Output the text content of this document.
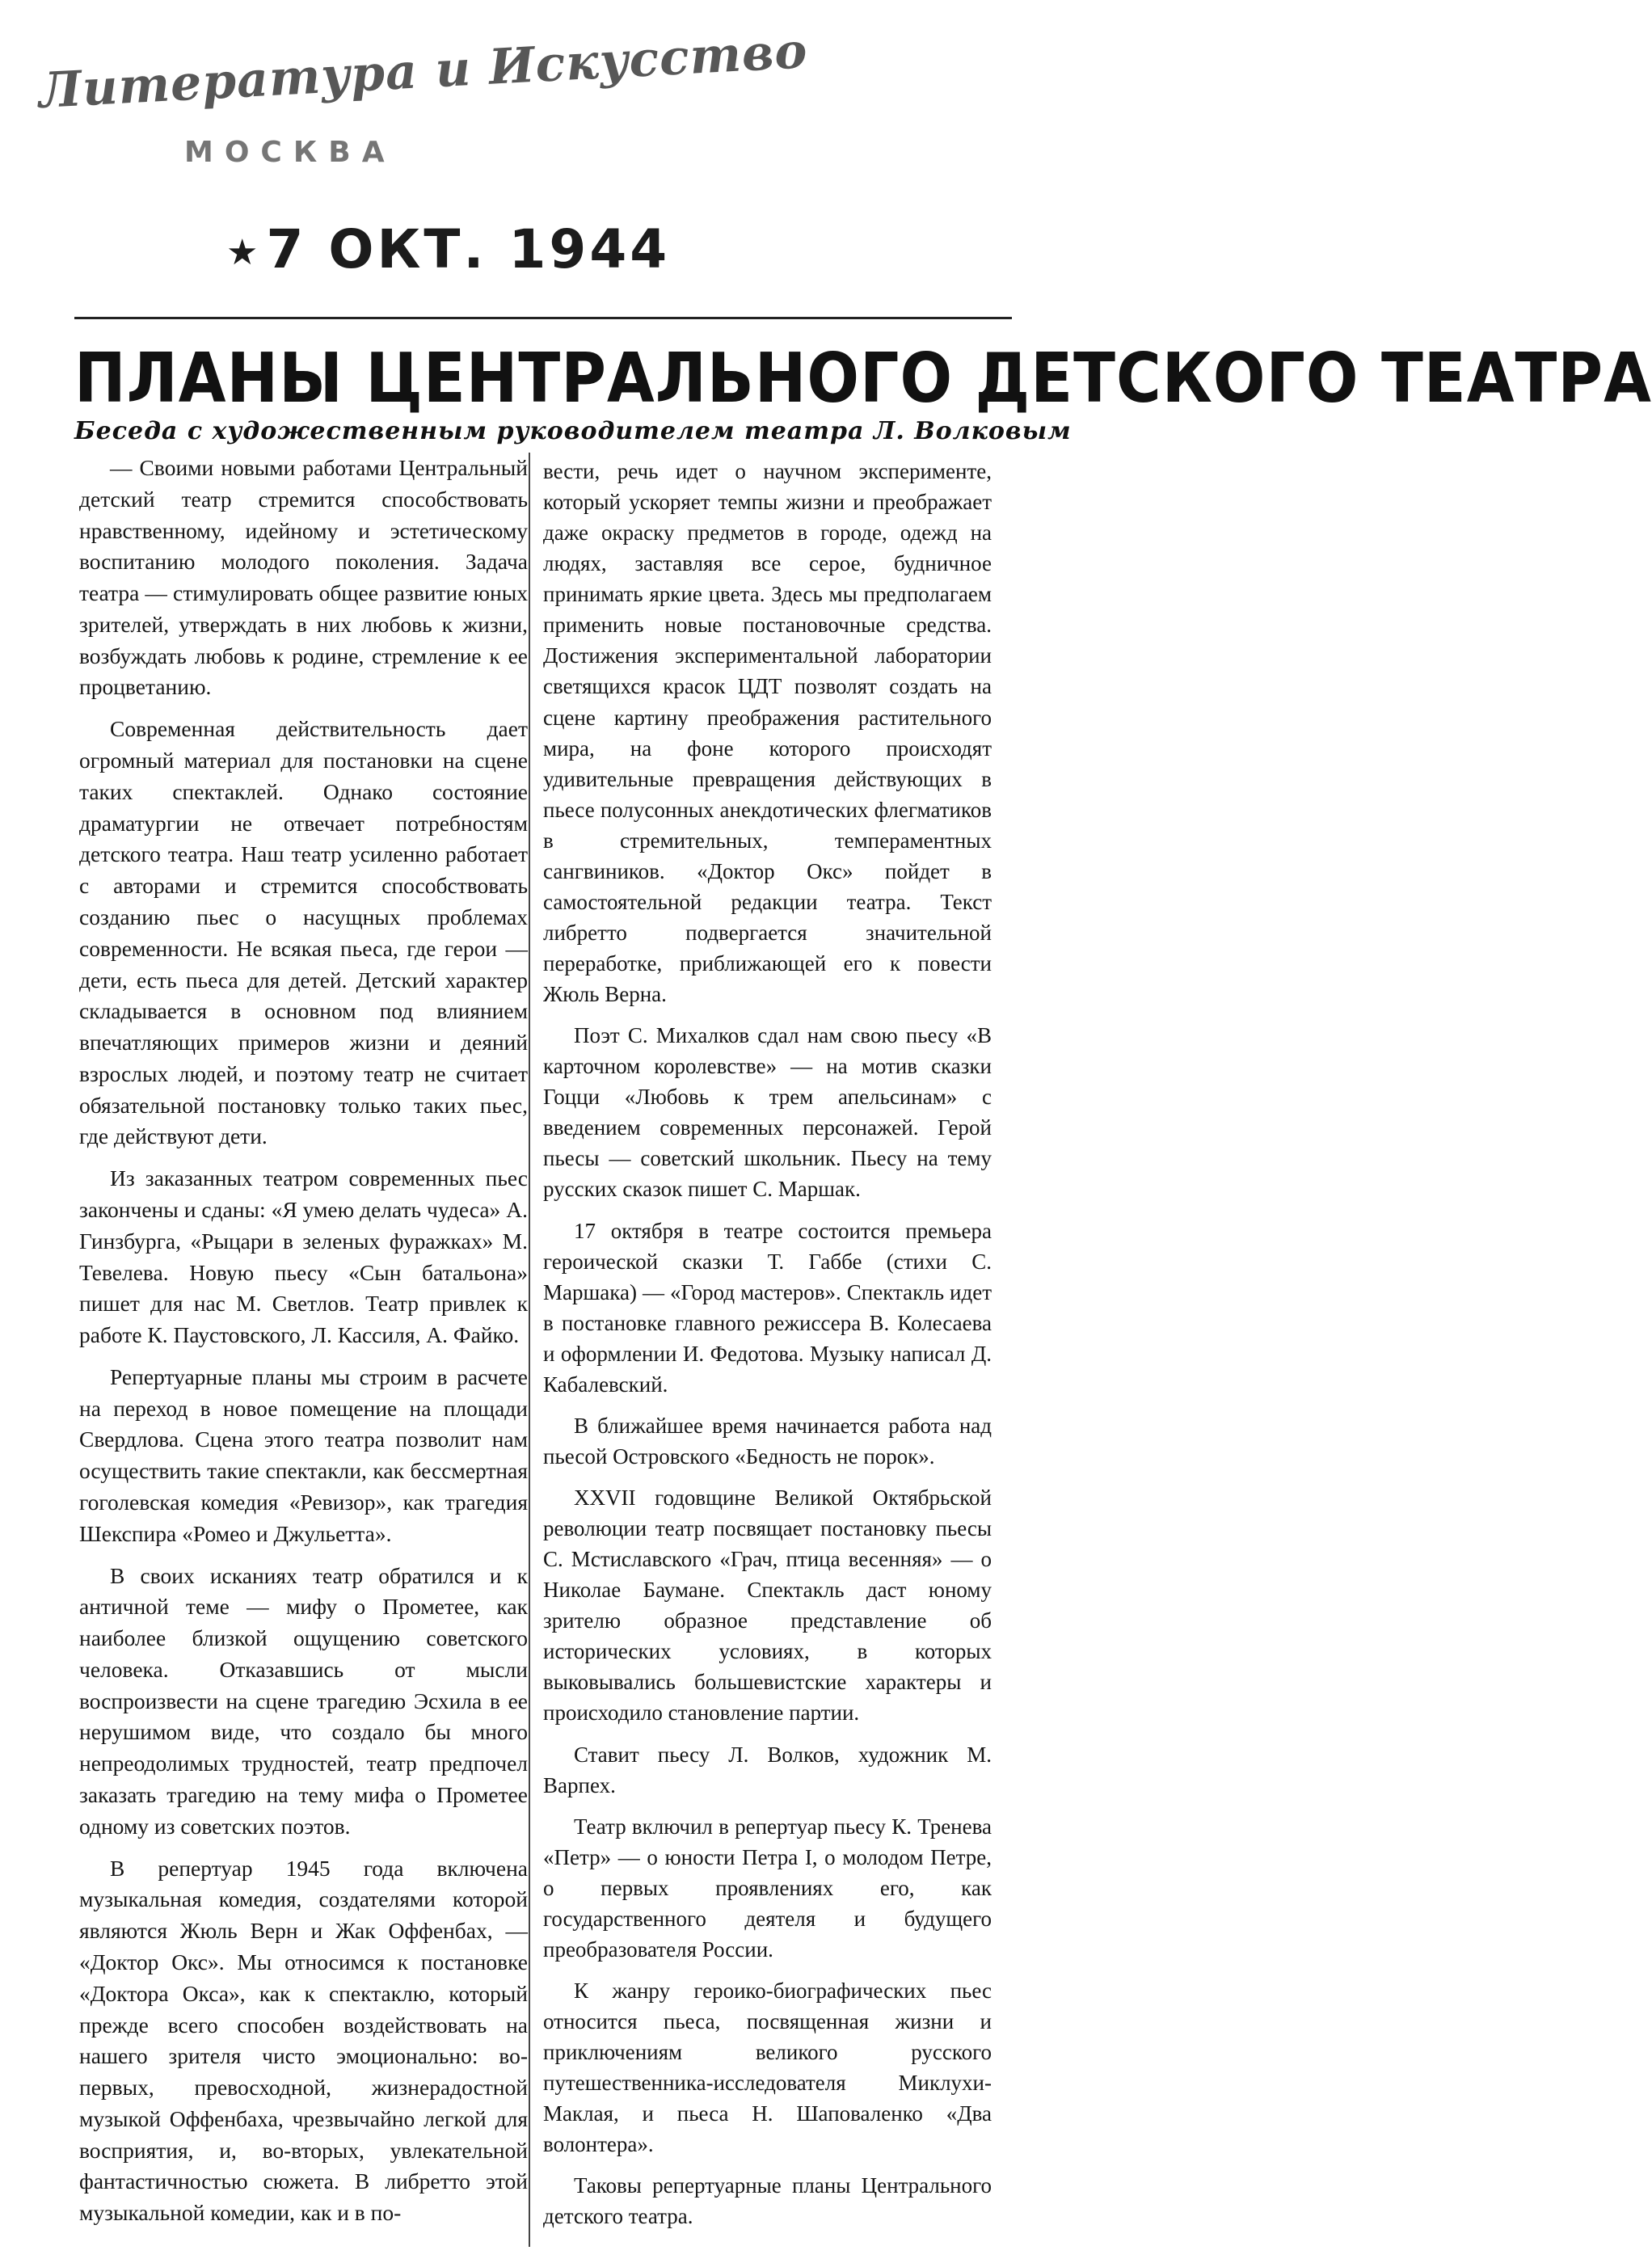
Литература и Искусство
МОСКВА
★7 ОКТ. 1944
ПЛАНЫ ЦЕНТРАЛЬНОГО ДЕТСКОГО ТЕАТРА
Беседа с художественным руководителем театра Л. Волковым

— Своими новыми работами Центральный детский театр стремится способствовать нравственному, идейному и эстетическому воспитанию молодого поколения. Задача театра — стимулировать общее развитие юных зрителей, утверждать в них любовь к жизни, возбуждать любовь к родине, стремление к ее процветанию.

Современная действительность дает огромный материал для постановки на сцене таких спектаклей. Однако состояние драматургии не отвечает потребностям детского театра. Наш театр усиленно работает с авторами и стремится способствовать созданию пьес о насущных проблемах современности. Не всякая пьеса, где герои — дети, есть пьеса для детей. Детский характер складывается в основном под влиянием впечатляющих примеров жизни и деяний взрослых людей, и поэтому театр не считает обязательной постановку только таких пьес, где действуют дети.

Из заказанных театром современных пьес закончены и сданы: «Я умею делать чудеса» А. Гинзбурга, «Рыцари в зеленых фуражках» М. Тевелева. Новую пьесу «Сын батальона» пишет для нас М. Светлов. Театр привлек к работе К. Паустовского, Л. Кассиля, А. Файко.

Репертуарные планы мы строим в расчете на переход в новое помещение на площади Свердлова. Сцена этого театра позволит нам осуществить такие спектакли, как бессмертная гоголевская комедия «Ревизор», как трагедия Шекспира «Ромео и Джульетта».

В своих исканиях театр обратился и к античной теме — мифу о Прометее, как наиболее близкой ощущению советского человека. Отказавшись от мысли воспроизвести на сцене трагедию Эсхила в ее нерушимом виде, что создало бы много непреодолимых трудностей, театр предпочел заказать трагедию на тему мифа о Прометее одному из советских поэтов.

В репертуар 1945 года включена музыкальная комедия, создателями которой являются Жюль Верн и Жак Оффенбах, — «Доктор Окс». Мы относимся к постановке «Доктора Окса», как к спектаклю, который прежде всего способен воздействовать на нашего зрителя чисто эмоционально: во-первых, превосходной, жизнерадостной музыкой Оффенбаха, чрезвычайно легкой для восприятия, и, во-вторых, увлекательной фантастичностью сюжета. В либретто этой музыкальной комедии, как и в по-

вести, речь идет о научном эксперименте, который ускоряет темпы жизни и преображает даже окраску предметов в городе, одежд на людях, заставляя все серое, будничное принимать яркие цвета. Здесь мы предполагаем применить новые постановочные средства. Достижения экспериментальной лаборатории светящихся красок ЦДТ позволят создать на сцене картину преображения растительного мира, на фоне которого происходят удивительные превращения действующих в пьесе полусонных анекдотических флегматиков в стремительных, темпераментных сангвиников. «Доктор Окс» пойдет в самостоятельной редакции театра. Текст либретто подвергается значительной переработке, приближающей его к повести Жюль Верна.

Поэт С. Михалков сдал нам свою пьесу «В карточном королевстве» — на мотив сказки Гоцци «Любовь к трем апельсинам» с введением современных персонажей. Герой пьесы — советский школьник. Пьесу на тему русских сказок пишет С. Маршак.

17 октября в театре состоится премьера героической сказки Т. Габбе (стихи С. Маршака) — «Город мастеров». Спектакль идет в постановке главного режиссера В. Колесаева и оформлении И. Федотова. Музыку написал Д. Кабалевский.

В ближайшее время начинается работа над пьесой Островского «Бедность не порок».

XXVII годовщине Великой Октябрьской революции театр посвящает постановку пьесы С. Мстиславского «Грач, птица весенняя» — о Николае Баумане. Спектакль даст юному зрителю образное представление об исторических условиях, в которых выковывались большевистские характеры и происходило становление партии.

Ставит пьесу Л. Волков, художник М. Варпех.

Театр включил в репертуар пьесу К. Тренева «Петр» — о юности Петра I, о молодом Петре, о первых проявлениях его, как государственного деятеля и будущего преобразователя России.

К жанру героико-биографических пьес относится пьеса, посвященная жизни и приключениям великого русского путешественника-исследователя Миклухи-Маклая, и пьеса Н. Шаповаленко «Два волонтера».

Таковы репертуарные планы Центрального детского театра.
